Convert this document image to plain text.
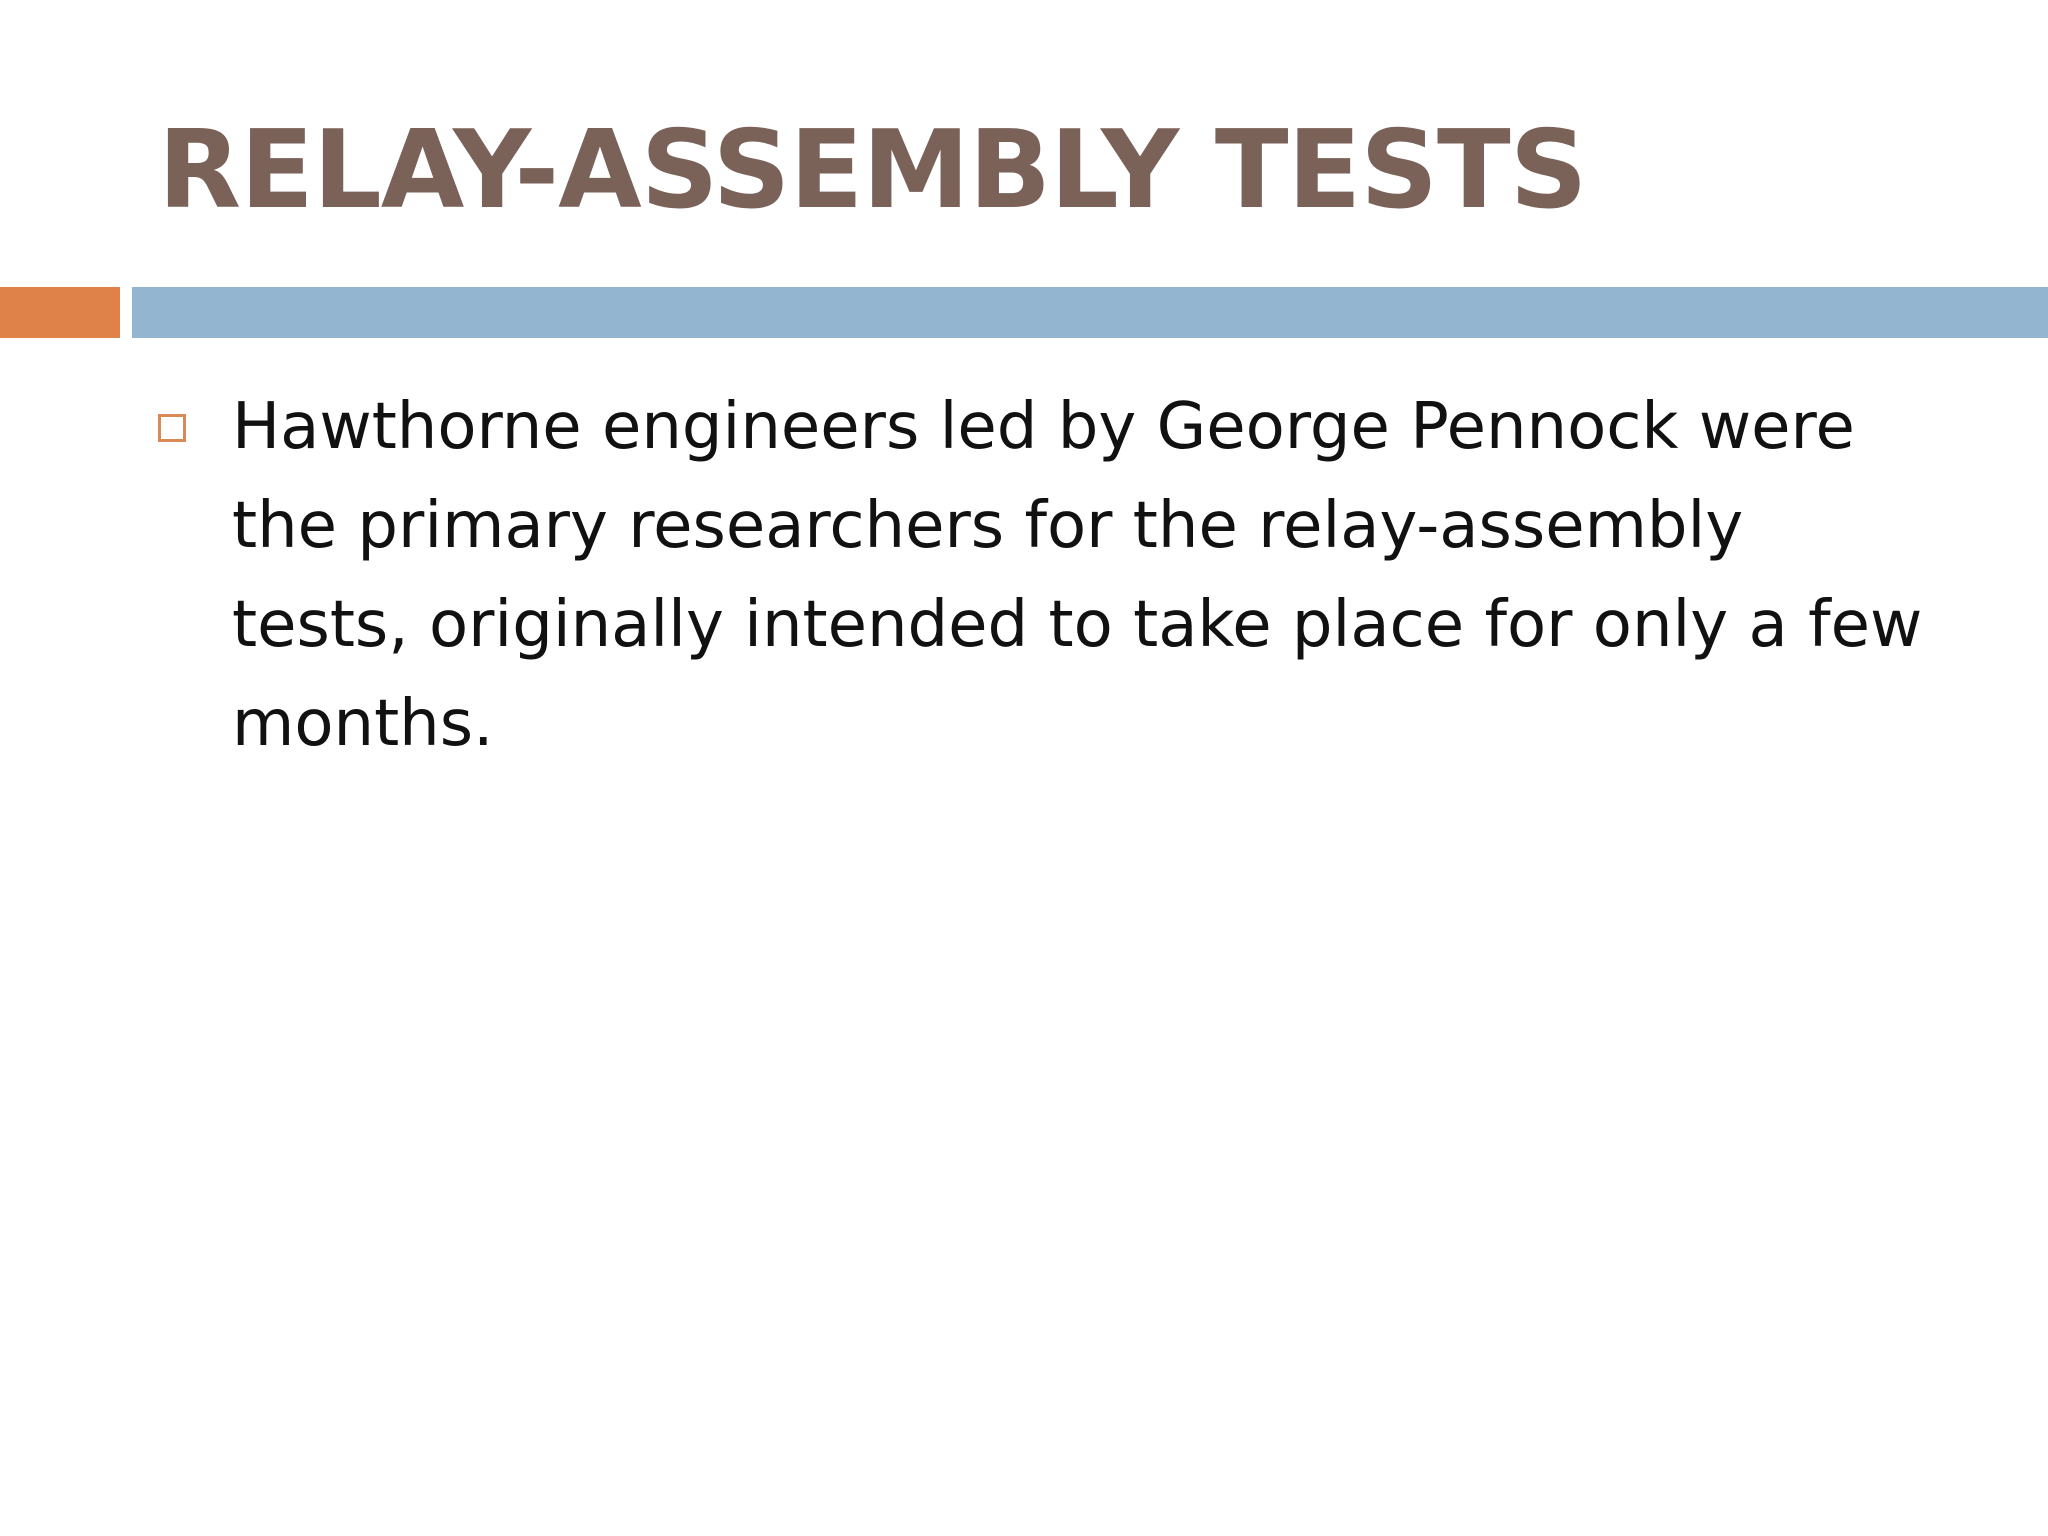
RELAY-ASSEMBLY TESTS

Hawthorne engineers led by George Pennock were the primary researchers for the relay-assembly tests, originally intended to take place for only a few months.
